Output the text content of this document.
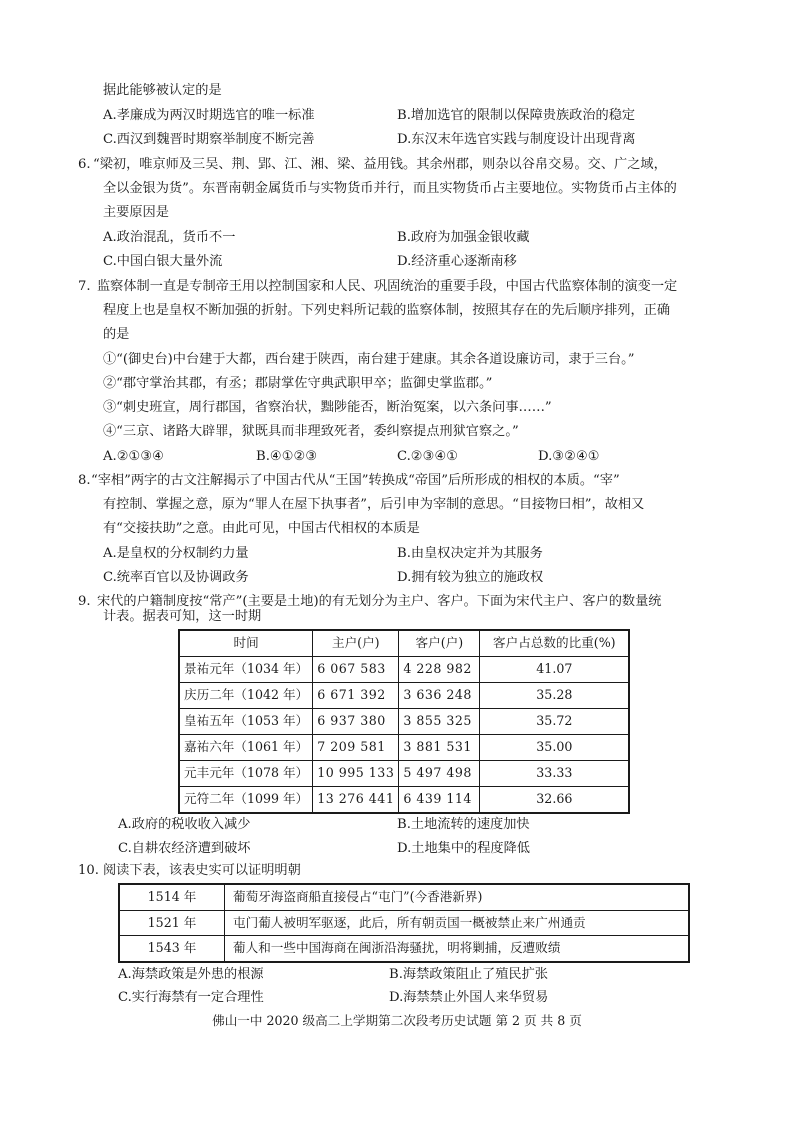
据此能够被认定的是
A.孝廉成为两汉时期选官的唯一标准	B.增加选官的限制以保障贵族政治的稳定
C.西汉到魏晋时期察举制度不断完善	D.东汉末年选官实践与制度设计出现背离
6. “梁初，唯京师及三吴、荆、郢、江、湘、梁、益用钱。其余州郡，则杂以谷帛交易。交、广之域，
全以金银为货”。东晋南朝金属货币与实物货币并行，而且实物货币占主要地位。实物货币占主体的
主要原因是
A.政治混乱，货币不一	B.政府为加强金银收藏
C.中国白银大量外流	D.经济重心逐渐南移
7. 监察体制一直是专制帝王用以控制国家和人民、巩固统治的重要手段，中国古代监察体制的演变一定
程度上也是皇权不断加强的折射。下列史料所记载的监察体制，按照其存在的先后顺序排列，正确
的是
①“(御史台)中台建于大都，西台建于陕西，南台建于建康。其余各道设廉访司，隶于三台。”
②“郡守掌治其郡，有丞；郡尉掌佐守典武职甲卒；监御史掌监郡。”
③“刺史班宣，周行郡国，省察治状，黜陟能否，断治冤案，以六条问事……”
④“三京、诸路大辟罪，狱既具而非理致死者，委纠察提点刑狱官察之。”
A.②①③④	B.④①②③	C.②③④①	D.③②④①
8. “宰相”两字的古文注解揭示了中国古代从“王国”转换成“帝国”后所形成的相权的本质。“宰”
有控制、掌握之意，原为“罪人在屋下执事者”，后引申为宰制的意思。“目接物曰相”，故相又
有“交接扶助”之意。由此可见，中国古代相权的本质是
A.是皇权的分权制约力量	B.由皇权决定并为其服务
C.统率百官以及协调政务	D.拥有较为独立的施政权
9. 宋代的户籍制度按“常产”(主要是土地)的有无划分为主户、客户。下面为宋代主户、客户的数量统
计表。据表可知，这一时期
时间	主户(户)	客户(户)	客户占总数的比重(%)
景祐元年（1034 年）	6 067 583	4 228 982	41.07
庆历二年（1042 年）	6 671 392	3 636 248	35.28
皇祐五年（1053 年）	6 937 380	3 855 325	35.72
嘉祐六年（1061 年）	7 209 581	3 881 531	35.00
元丰元年（1078 年）	10 995 133	5 497 498	33.33
元符二年（1099 年）	13 276 441	6 439 114	32.66
A.政府的税收收入减少	B.土地流转的速度加快
C.自耕农经济遭到破坏	D.土地集中的程度降低
10. 阅读下表，该表史实可以证明明朝
1514 年	葡萄牙海盗商船直接侵占“屯门”(今香港新界)
1521 年	屯门葡人被明军驱逐，此后，所有朝贡国一概被禁止来广州通贡
1543 年	葡人和一些中国海商在闽浙沿海骚扰，明将剿捕，反遭败绩
A.海禁政策是外患的根源	B.海禁政策阻止了殖民扩张
C.实行海禁有一定合理性	D.海禁禁止外国人来华贸易
佛山一中 2020 级高二上学期第二次段考历史试题 第 2 页 共 8 页
